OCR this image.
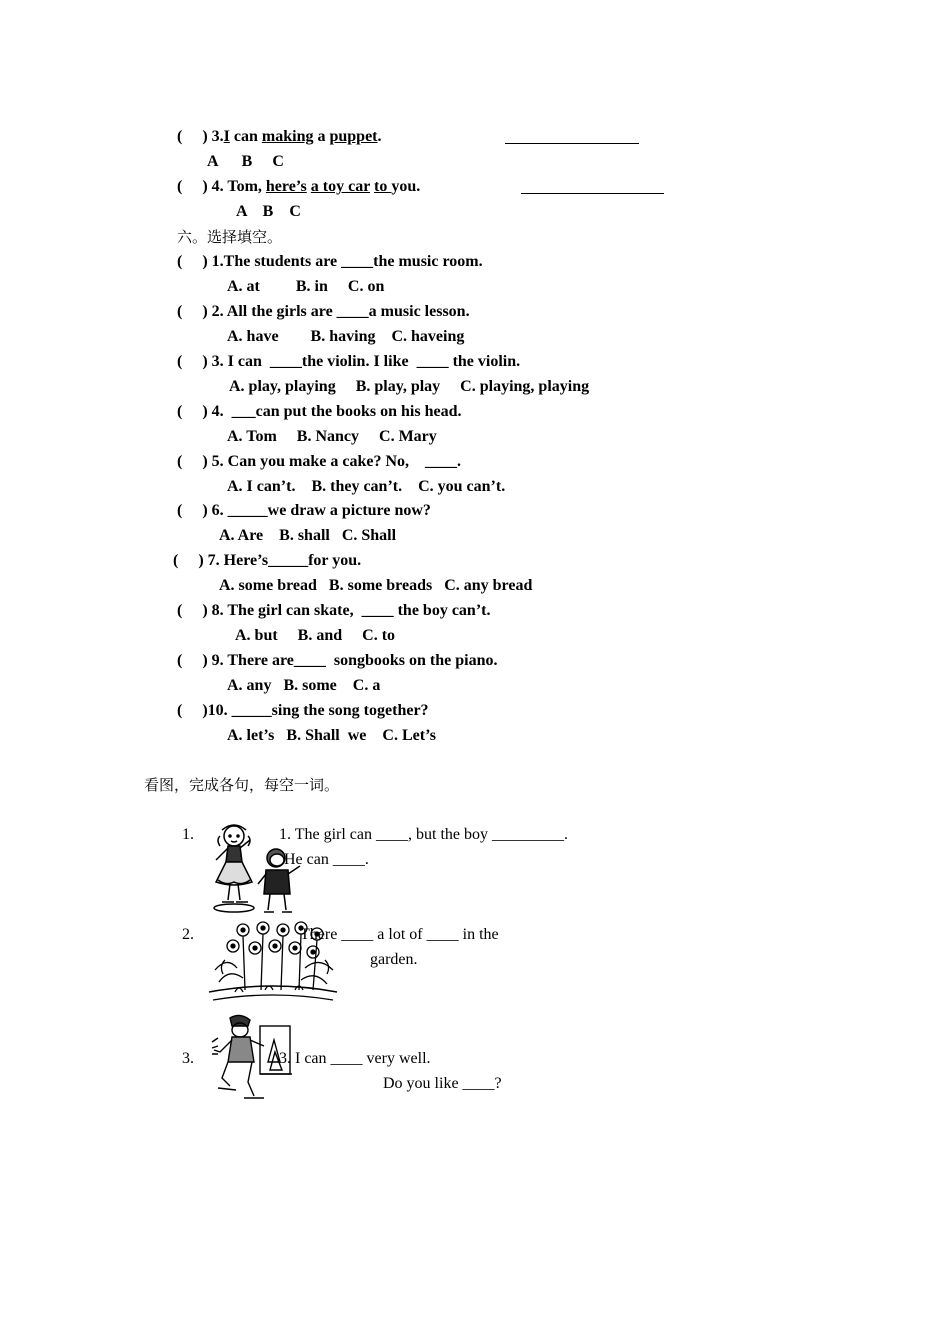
(     ) 3.I can making a puppet.
A      B     C
(     ) 4. Tom, here’s a toy car to you.
A    B    C
六。选择填空。
(     ) 1.The students are ____the music room.
A. at         B. in     C. on
(     ) 2. All the girls are ____a music lesson.
A. have        B. having    C. haveing
(     ) 3. I can  ____the violin. I like  ____ the violin.
A. play, playing     B. play, play     C. playing, playing
(     ) 4.  ___can put the books on his head.
A. Tom     B. Nancy     C. Mary
(     ) 5. Can you make a cake? No,    ____.
A. I can’t.    B. they can’t.    C. you can’t.
(     ) 6. _____we draw a picture now?
A. Are    B. shall   C. Shall
(     ) 7. Here’s_____for you.
A. some bread   B. some breads   C. any bread
(     ) 8. The girl can skate,  ____ the boy can’t.
A. but     B. and     C. to
(     ) 9. There are____  songbooks on the piano.
A. any   B. some    C. a
(     )10. _____sing the song together?
A. let’s   B. Shall  we    C. Let’s
看图，完成各句，每空一词。
1.	1. The girl can ____, but the boy _________.
He can ____.
2.	There ____ a lot of ____ in the
garden.
3.	3. I can ____ very well.
Do you like ____?
